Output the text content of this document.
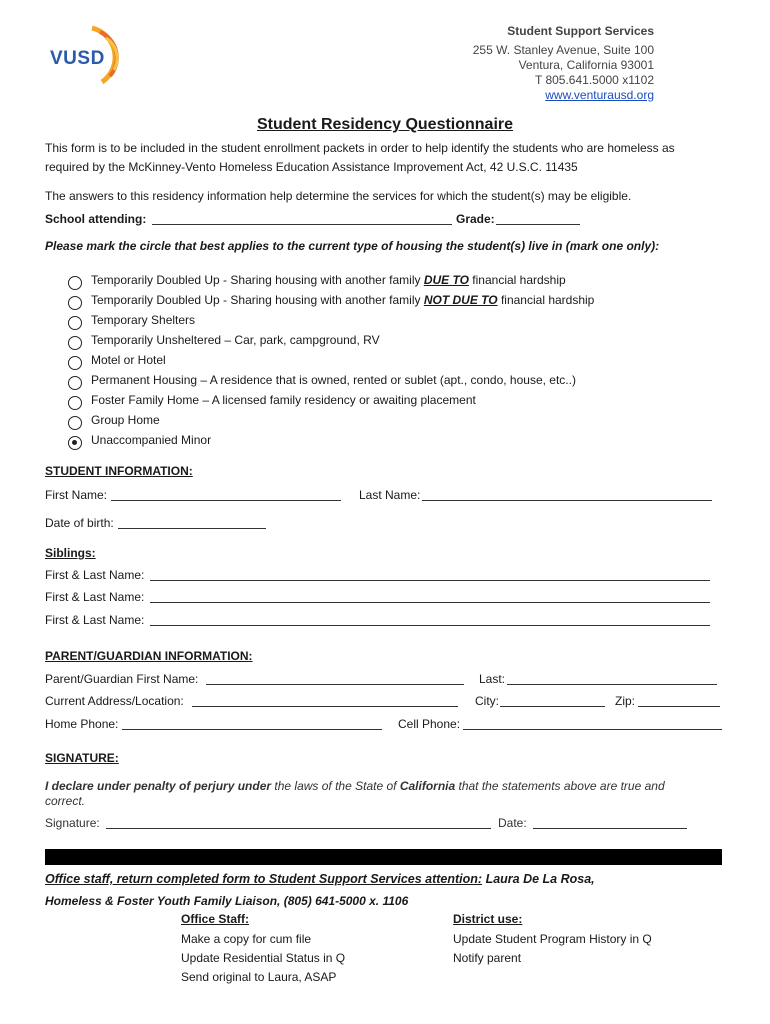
VUSD
Student Support Services
255 W. Stanley Avenue, Suite 100
Ventura, California 93001
T 805.641.5000 x1102
www.venturausd.org
Student Residency Questionnaire
This form is to be included in the student enrollment packets in order to help identify the students who are homeless as
required by the McKinney-Vento Homeless Education Assistance Improvement Act, 42 U.S.C. 11435
The answers to this residency information help determine the services for which the student(s) may be eligible.
School attending:	Grade:
Please mark the circle that best applies to the current type of housing the student(s) live in (mark one only):
Temporarily Doubled Up - Sharing housing with another family DUE TO financial hardship
Temporarily Doubled Up - Sharing housing with another family NOT DUE TO financial hardship
Temporary Shelters
Temporarily Unsheltered – Car, park, campground, RV
Motel or Hotel
Permanent Housing – A residence that is owned, rented or sublet (apt., condo, house, etc..)
Foster Family Home – A licensed family residency or awaiting placement
Group Home
Unaccompanied Minor
STUDENT INFORMATION:
First Name:	Last Name:
Date of birth:
Siblings:
First & Last Name:
First & Last Name:
First & Last Name:
PARENT/GUARDIAN INFORMATION:
Parent/Guardian First Name:	Last:
Current Address/Location:	City:	Zip:
Home Phone:	Cell Phone:
SIGNATURE:
I declare under penalty of perjury under the laws of the State of California that the statements above are true and
correct.
Signature:	Date:
Office staff, return completed form to Student Support Services attention: Laura De La Rosa,
Homeless & Foster Youth Family Liaison, (805) 641-5000 x. 1106
Office Staff:
Make a copy for cum file
Update Residential Status in Q
Send original to Laura, ASAP
District use:
Update Student Program History in Q
Notify parent
